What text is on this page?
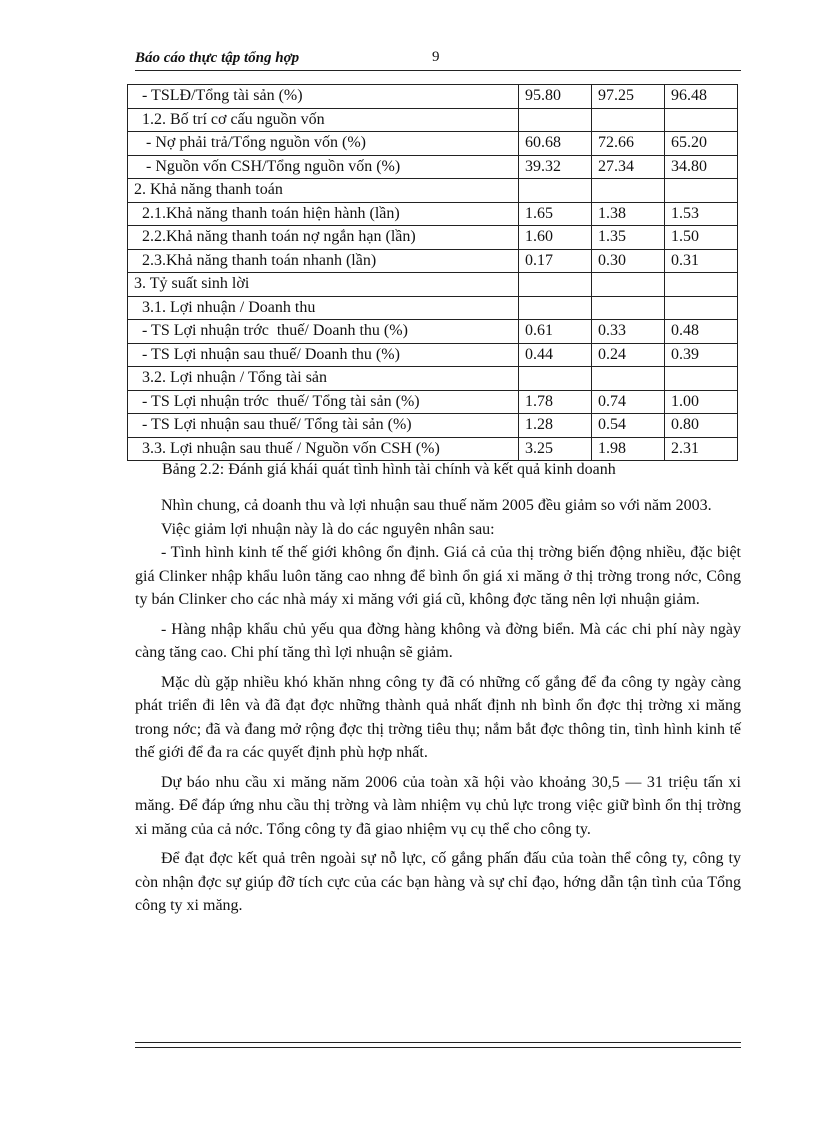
Báo cáo thực tập tổng hợp	9
- TSLĐ/Tổng tài sản (%)	95.80	97.25	96.48
1.2. Bố trí cơ cấu nguồn vốn			
- Nợ phải trả/Tổng nguồn vốn (%)	60.68	72.66	65.20
- Nguồn vốn CSH/Tổng nguồn vốn (%)	39.32	27.34	34.80
2. Khả năng thanh toán			
2.1.Khả năng thanh toán hiện hành (lần)	1.65	1.38	1.53
2.2.Khả năng thanh toán nợ ngắn hạn (lần)	1.60	1.35	1.50
2.3.Khả năng thanh toán nhanh (lần)	0.17	0.30	0.31
3. Tỷ suất sinh lời			
3.1. Lợi nhuận / Doanh thu			
- TS Lợi nhuận trớc  thuế/ Doanh thu (%)	0.61	0.33	0.48
- TS Lợi nhuận sau thuế/ Doanh thu (%)	0.44	0.24	0.39
3.2. Lợi nhuận / Tổng tài sản			
- TS Lợi nhuận trớc  thuế/ Tổng tài sản (%)	1.78	0.74	1.00
- TS Lợi nhuận sau thuế/ Tổng tài sản (%)	1.28	0.54	0.80
3.3. Lợi nhuận sau thuế / Nguồn vốn CSH (%)	3.25	1.98	2.31
Bảng 2.2: Đánh giá khái quát tình hình tài chính và kết quả kinh doanh

Nhìn chung, cả doanh thu và lợi nhuận sau thuế năm 2005 đều giảm so với năm 2003.

Việc giảm lợi nhuận này là do các nguyên nhân sau:

- Tình hình kinh tế thế giới không ổn định. Giá cả của thị trờng biến động nhiều, đặc biệt giá Clinker nhập khẩu luôn tăng cao nhng để bình ổn giá xi măng ở thị trờng trong nớc, Công ty bán Clinker cho các nhà máy xi măng với giá cũ, không đợc tăng nên lợi nhuận giảm.

- Hàng nhập khẩu chủ yếu qua đờng hàng không và đờng biển. Mà các chi phí này ngày càng tăng cao. Chi phí tăng thì lợi nhuận sẽ giảm.

Mặc dù gặp nhiều khó khăn nhng công ty đã có những cố gắng để đa công ty ngày càng phát triển đi lên và đã đạt đợc những thành quả nhất định nh bình ổn đợc thị trờng xi măng trong nớc; đã và đang mở rộng đợc thị trờng tiêu thụ; nắm bắt đợc thông tin, tình hình kinh tế thế giới để đa ra các quyết định phù hợp nhất.

Dự báo nhu cầu xi măng năm 2006 của toàn xã hội vào khoảng 30,5 — 31 triệu tấn xi măng. Để đáp ứng nhu cầu thị trờng và làm nhiệm vụ chủ lực trong việc giữ bình ổn thị trờng xi măng của cả nớc. Tổng công ty đã giao nhiệm vụ cụ thể cho công ty.

Để đạt đợc kết quả trên ngoài sự nỗ lực, cố gắng phấn đấu của toàn thể công ty, công ty còn nhận đợc sự giúp đỡ tích cực của các bạn hàng và sự chỉ đạo, hớng dẫn tận tình của Tổng công ty xi măng.
